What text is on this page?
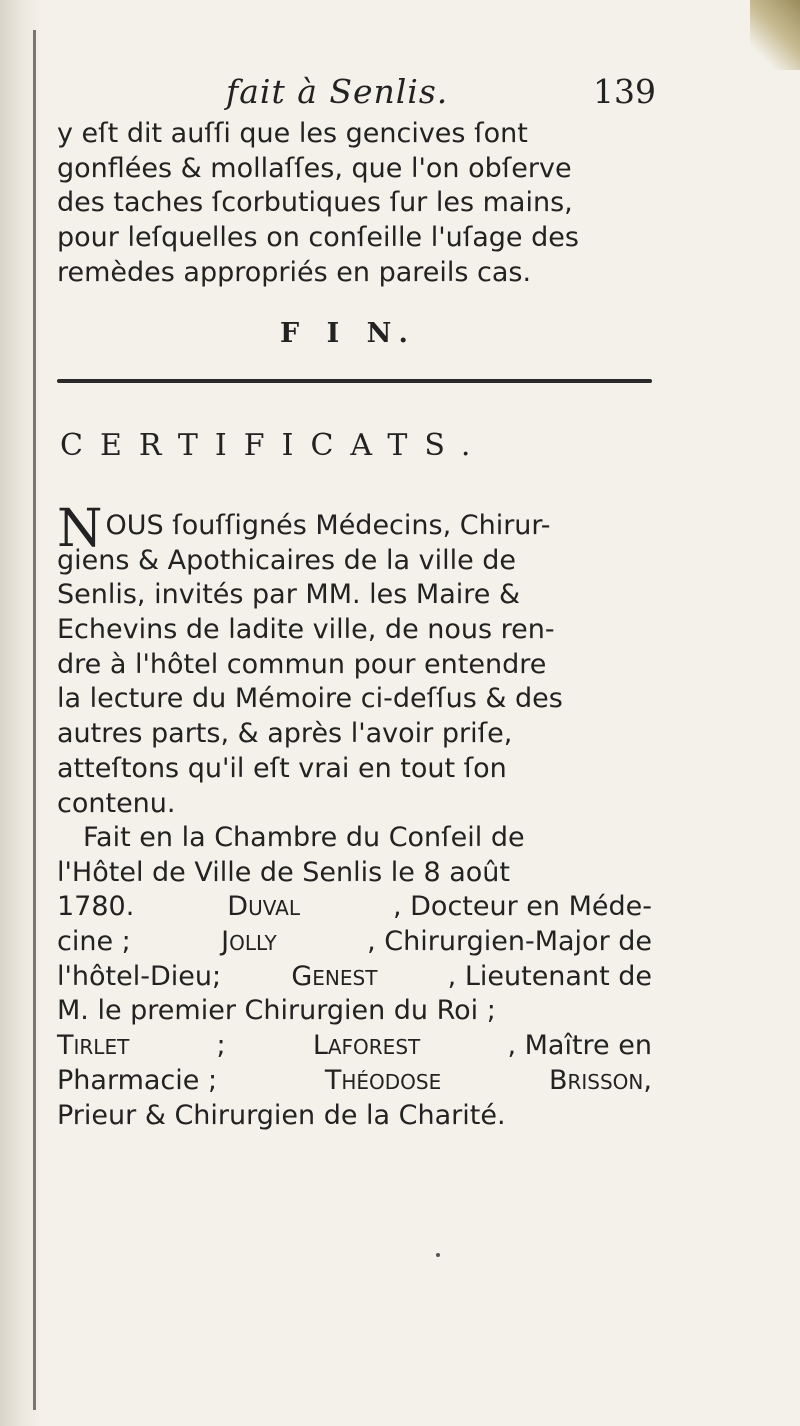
fait à Senlis.	139
y eſt dit auſſi que les gencives ſont
gonflées & mollaſſes, que l'on obſerve
des taches ſcorbutiques ſur les mains,
pour leſquelles on conſeille l'uſage des
remèdes appropriés en pareils cas.
F I N.
CERTIFICATS.
N OUS ſouſſignés Médecins, Chirur-
giens & Apothicaires de la ville de
Senlis, invités par MM. les Maire &
Echevins de ladite ville, de nous ren-
dre à l'hôtel commun pour entendre
la lecture du Mémoire ci-deſſus & des
autres parts, & après l'avoir priſe,
atteſtons qu'il eſt vrai en tout ſon
contenu.
Fait en la Chambre du Conſeil de
l'Hôtel de Ville de Senlis le 8 août
1780.	DUVAL	, Docteur en Méde-
cine ;	JOLLY	, Chirurgien-Major de
l'hôtel-Dieu;	GENEST	, Lieutenant de
M. le premier Chirurgien du Roi ;
TIRLET	;	LAFOREST	, Maître en
Pharmacie ;	THÉODOSE	BRISSON,
Prieur & Chirurgien de la Charité.
